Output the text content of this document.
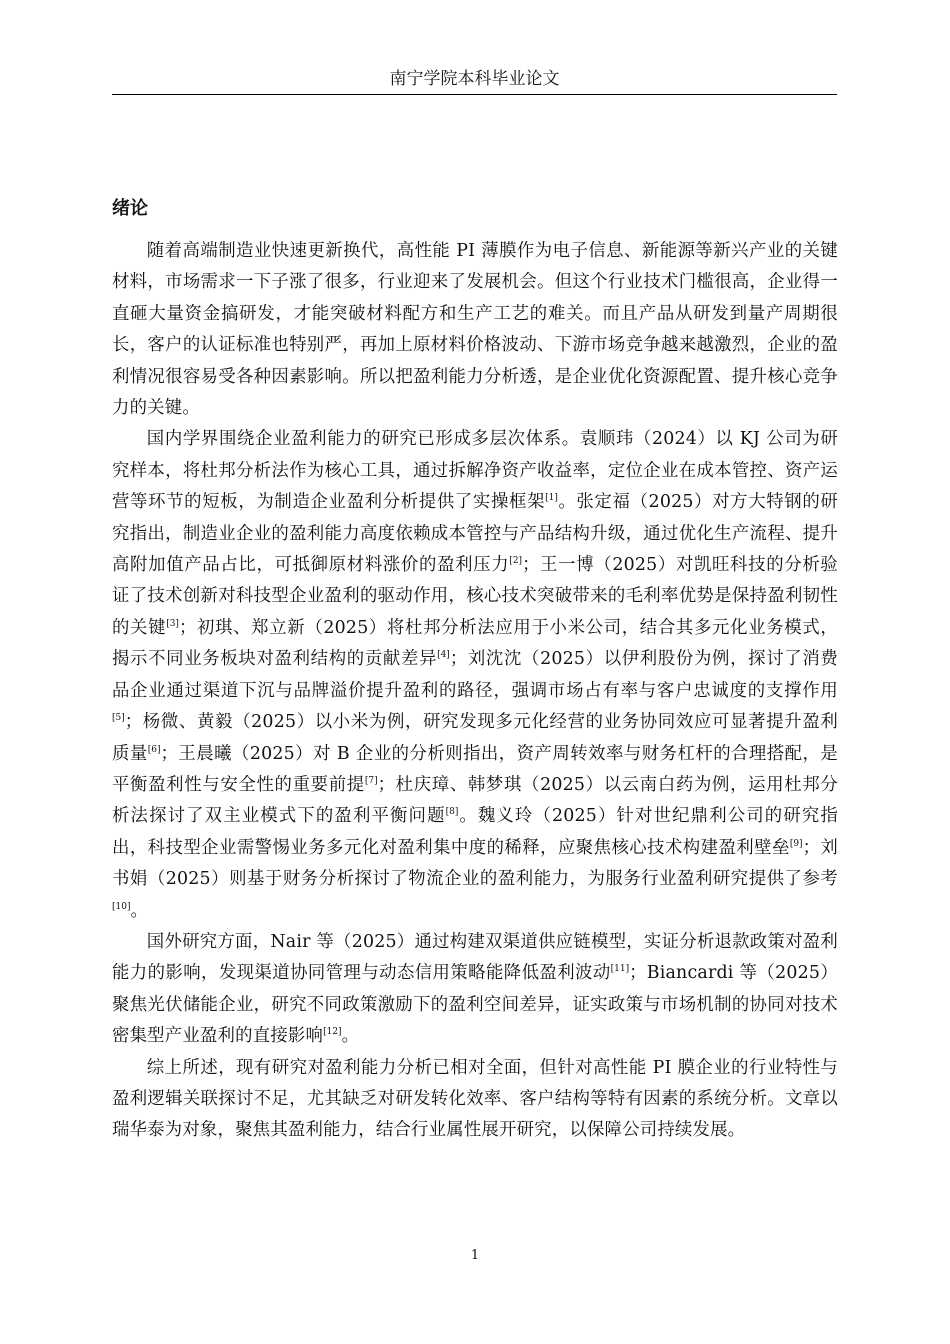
南宁学院本科毕业论文
绪论

随着高端制造业快速更新换代，高性能 PI 薄膜作为电子信息、新能源等新兴产业的关键材料，市场需求一下子涨了很多，行业迎来了发展机会。但这个行业技术门槛很高，企业得一直砸大量资金搞研发，才能突破材料配方和生产工艺的难关。而且产品从研发到量产周期很长，客户的认证标准也特别严，再加上原材料价格波动、下游市场竞争越来越激烈，企业的盈利情况很容易受各种因素影响。所以把盈利能力分析透，是企业优化资源配置、提升核心竞争力的关键。

国内学界围绕企业盈利能力的研究已形成多层次体系。袁顺玮（2024）以 KJ 公司为研究样本，将杜邦分析法作为核心工具，通过拆解净资产收益率，定位企业在成本管控、资产运营等环节的短板，为制造企业盈利分析提供了实操框架[1]。张定福（2025）对方大特钢的研究指出，制造业企业的盈利能力高度依赖成本管控与产品结构升级，通过优化生产流程、提升高附加值产品占比，可抵御原材料涨价的盈利压力[2]；王一博（2025）对凯旺科技的分析验证了技术创新对科技型企业盈利的驱动作用，核心技术突破带来的毛利率优势是保持盈利韧性的关键[3]；初琪、郑立新（2025）将杜邦分析法应用于小米公司，结合其多元化业务模式，揭示不同业务板块对盈利结构的贡献差异[4]；刘沈沈（2025）以伊利股份为例，探讨了消费品企业通过渠道下沉与品牌溢价提升盈利的路径，强调市场占有率与客户忠诚度的支撑作用[5]；杨微、黄毅（2025）以小米为例，研究发现多元化经营的业务协同效应可显著提升盈利质量[6]；王晨曦（2025）对 B 企业的分析则指出，资产周转效率与财务杠杆的合理搭配，是平衡盈利性与安全性的重要前提[7]；杜庆璋、韩梦琪（2025）以云南白药为例，运用杜邦分析法探讨了双主业模式下的盈利平衡问题[8]。魏义玲（2025）针对世纪鼎利公司的研究指出，科技型企业需警惕业务多元化对盈利集中度的稀释，应聚焦核心技术构建盈利壁垒[9]；刘书娟（2025）则基于财务分析探讨了物流企业的盈利能力，为服务行业盈利研究提供了参考[10]。

国外研究方面，Nair 等（2025）通过构建双渠道供应链模型，实证分析退款政策对盈利能力的影响，发现渠道协同管理与动态信用策略能降低盈利波动[11]；Biancardi 等（2025）聚焦光伏储能企业，研究不同政策激励下的盈利空间差异，证实政策与市场机制的协同对技术密集型产业盈利的直接影响[12]。

综上所述，现有研究对盈利能力分析已相对全面，但针对高性能 PI 膜企业的行业特性与盈利逻辑关联探讨不足，尤其缺乏对研发转化效率、客户结构等特有因素的系统分析。文章以瑞华泰为对象，聚焦其盈利能力，结合行业属性展开研究，以保障公司持续发展。

1
